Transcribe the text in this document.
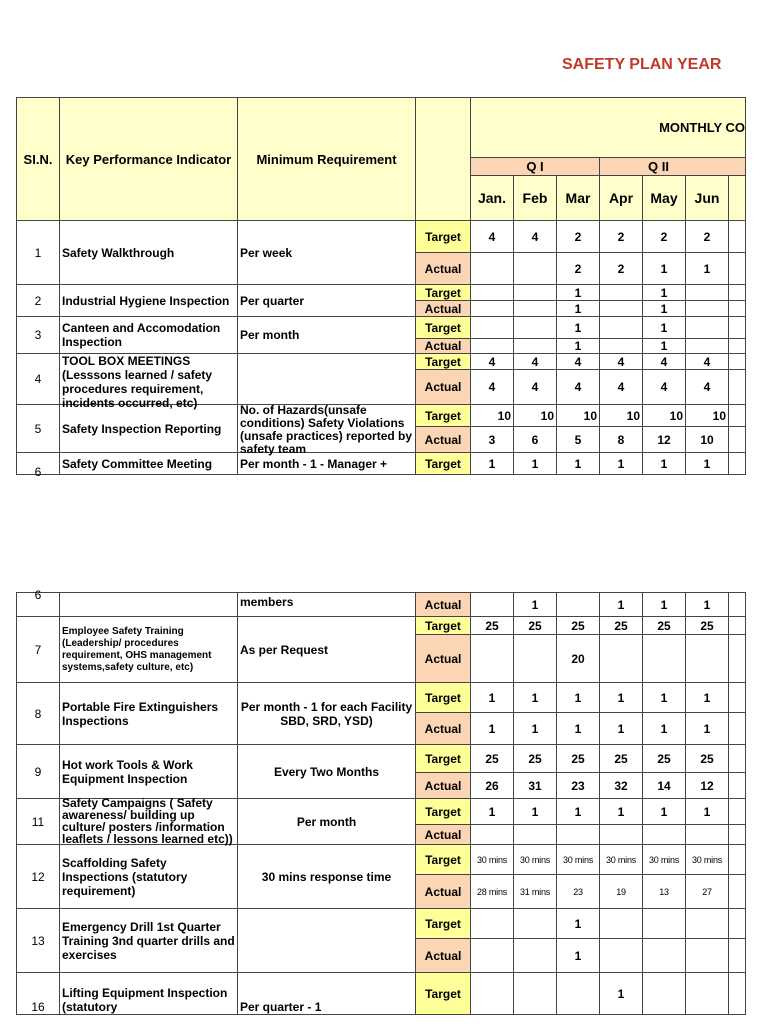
SAFETY PLAN YEAR
SI.N.	Key Performance Indicator	Minimum Requirement		MONTHLY CO						
				Q I			Q II			
				Jan.	Feb	Mar	Apr	May	Jun	
1	Safety Walkthrough	Per week	Target	4	4	2	2	2	2	
			Actual			2	2	1	1	
2	Industrial Hygiene Inspection	Per quarter	Target			1		1		
			Actual			1		1		
3	Canteen and Accomodation Inspection	Per month	Target			1		1		
			Actual			1		1		
4	TOOL BOX MEETINGS (Lesssons learned / safety procedures requirement, incidents occurred, etc)		Target	4	4	4	4	4	4	
			Actual	4	4	4	4	4	4	
5	Safety Inspection Reporting	No. of Hazards(unsafe conditions) Safety Violations (unsafe practices) reported by safety team	Target	10	10	10	10	10	10	
			Actual	3	6	5	8	12	10	

6	Safety Committee Meeting	Per month - 1 - Manager +	Target	1	1	1	1	1	1	
6		members	Actual		1		1	1	1	
7	Employee Safety Training (Leadership/ procedures requirement, OHS management systems,safety culture, etc)	As per Request	Target	25	25	25	25	25	25	
			Actual			20				
8	Portable Fire Extinguishers Inspections	Per month - 1 for each Facility SBD, SRD, YSD)	Target	1	1	1	1	1	1	
			Actual	1	1	1	1	1	1	
9	Hot work Tools & Work Equipment Inspection	Every Two Months	Target	25	25	25	25	25	25	
			Actual	26	31	23	32	14	12	
11	Safety Campaigns ( Safety awareness/ building up culture/ posters /information leaflets / lessons learned etc))	Per month	Target	1	1	1	1	1	1	
			Actual							
12	Scaffolding Safety Inspections (statutory requirement)	30 mins response time	Target	30 mins	30 mins	30 mins	30 mins	30 mins	30 mins	
			Actual	28 mins	31 mins	23	19	13	27	
13	Emergency Drill 1st Quarter Training 3nd quarter drills and exercises		Target			1				
			Actual			1				
16	Lifting Equipment Inspection (statutory	Per quarter - 1	Target				1			
